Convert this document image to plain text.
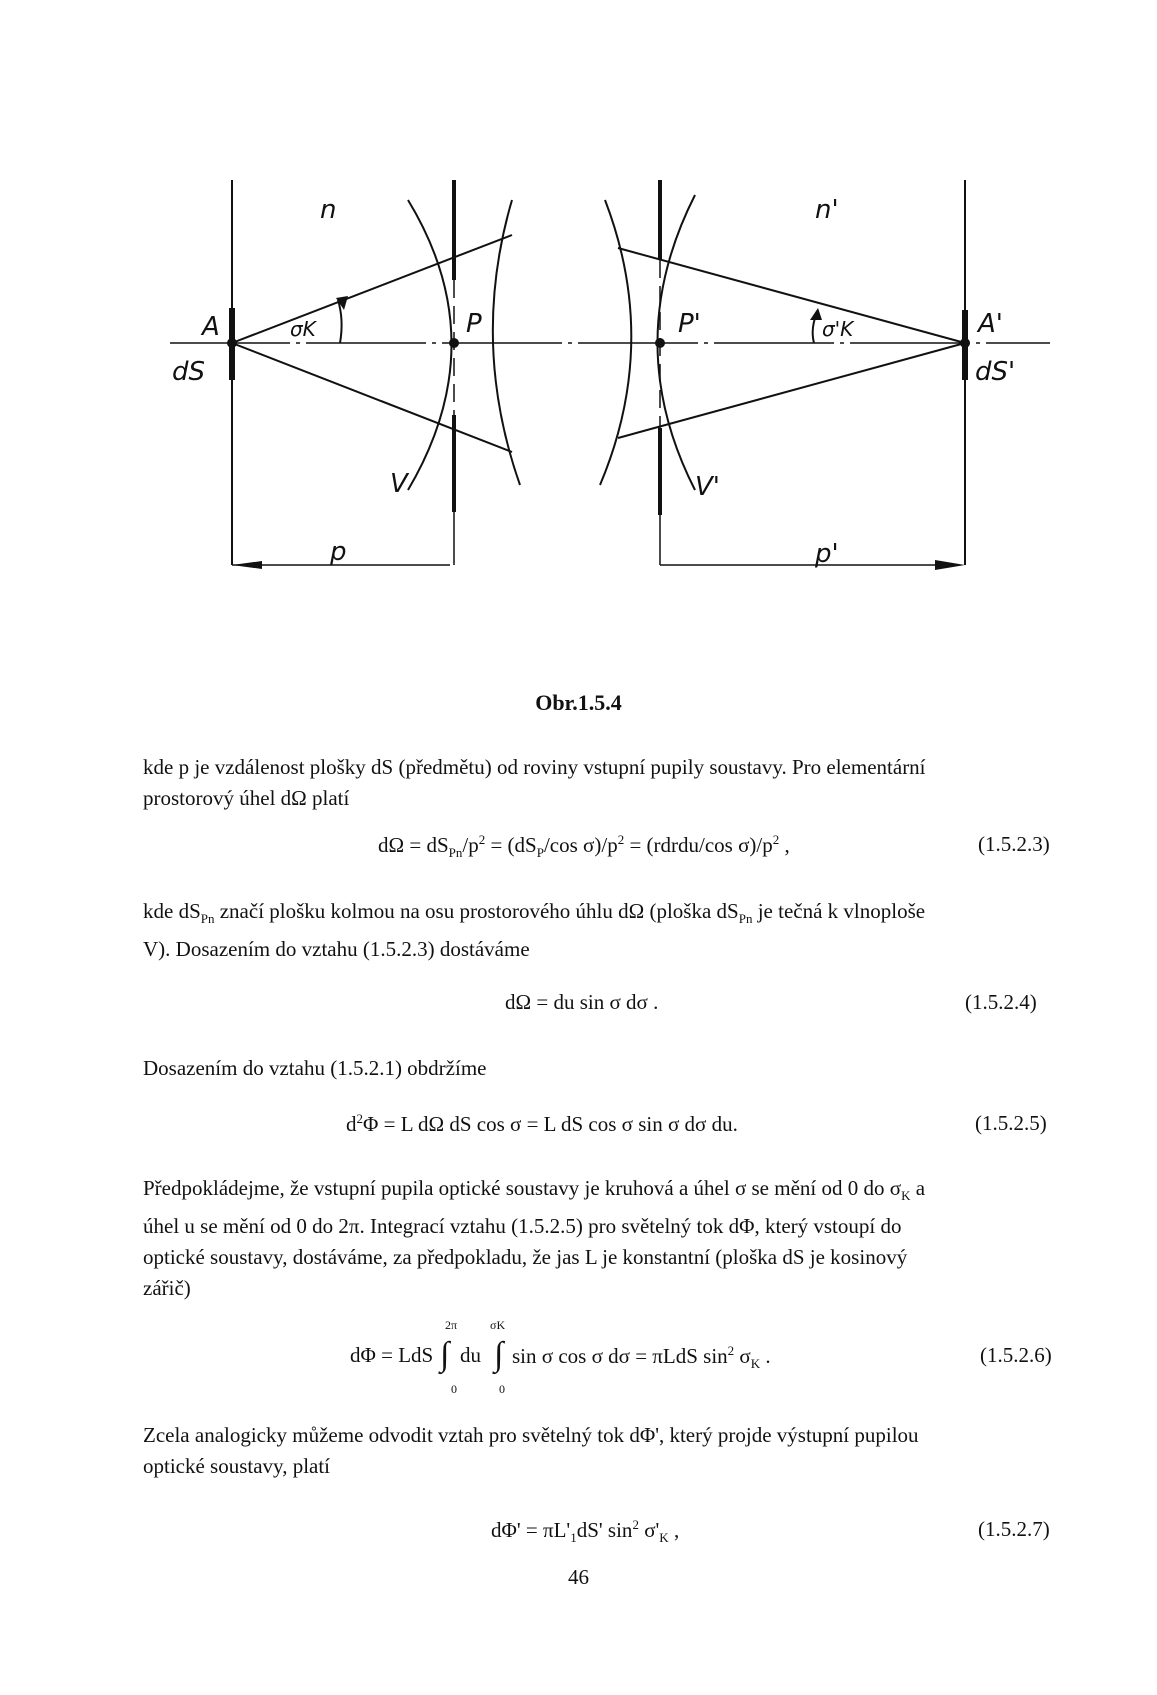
n	n'
A
dS
σK	P
V
p
P'
V'
σ'K	A'
dS'
p'
Obr.1.5.4
kde p je vzdálenost plošky dS (předmětu) od roviny vstupní pupily soustavy. Pro elementární
prostorový úhel dΩ platí
$d\Omega = dS_{Pn}/p^2 = (dS_P/\cos$ $\sigma)/p^2$ = (rdrdu/cos $\sigma)/p^2$ ,	(1.5.2.3)
kde $dS_{Pn}$ značí plošku kolmou na osu prostorového úhlu dΩ (ploška $dS_{Pn}$ je tečná k vlnoploše
V). Dosazením do vztahu (1.5.2.3) dostáváme
dΩ = du sin σ dσ .	(1.5.2.4)
Dosazením do vztahu (1.5.2.1) obdržíme
$d^2\Phi = L$ dΩ dS cos σ = L dS cos σ sin σ dσ du.	(1.5.2.5)
Předpokládejme, že vstupní pupila optické soustavy je kruhová a úhel σ se mění od 0 do $\sigma_K$ a
úhel u se mění od 0 do 2π. Integrací vztahu (1.5.2.5) pro světelný tok dΦ, který vstoupí do
optické soustavy, dostáváme, za předpokladu, že jas L je konstantní (ploška dS je kosinový
zářič)
dΦ = LdS ∫
2π
0
du ∫
σK
0
sin σ cos σ dσ = πLdS $\sin^2 \sigma_K$ .	(1.5.2.6)
Zcela analogicky můžeme odvodit vztah pro světelný tok dΦ', který projde výstupní pupilou
optické soustavy, platí
$d\Phi' = \pi L'_1dS'$ $\sin^2 \sigma'_K$ ,	(1.5.2.7)
46
